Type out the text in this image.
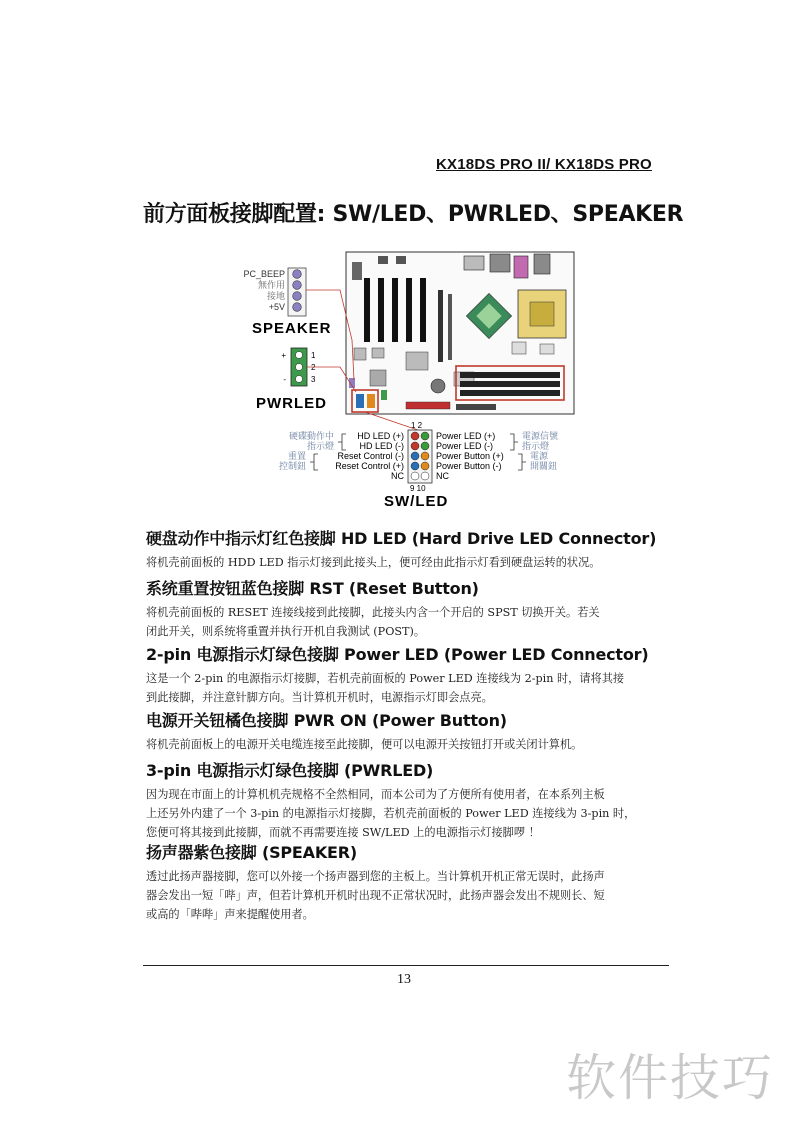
KX18DS PRO II/ KX18DS PRO
前方面板接脚配置: SW/LED、PWRLED、SPEAKER
PC_BEEP
無作用
接地
+5V
SPEAKER
+
-
1
2
3
PWRLED
1 2
9 10
HD LED (+)
HD LED (-)
Reset Control (-)
Reset Control (+)
NC
Power LED (+)
Power LED (-)
Power Button (+)
Power Button (-)
NC
硬碟動作中
指示燈
重置
控制鈕
電源信號
指示燈
電源
開關鈕
SW/LED
硬盘动作中指示灯红色接脚 HD LED (Hard Drive LED Connector)
将机壳前面板的 HDD LED 指示灯接到此接头上，便可经由此指示灯看到硬盘运转的状况。
系统重置按钮蓝色接脚 RST (Reset Button)
将机壳前面板的 RESET 连接线接到此接脚，此接头内含一个开启的 SPST 切换开关。若关
闭此开关，则系统将重置并执行开机自我测试 (POST)。
2-pin 电源指示灯绿色接脚 Power LED (Power LED Connector)
这是一个 2-pin 的电源指示灯接脚，若机壳前面板的 Power LED 连接线为 2-pin 时，请将其接
到此接脚，并注意针脚方向。当计算机开机时，电源指示灯即会点亮。
电源开关钮橘色接脚 PWR ON (Power Button)
将机壳前面板上的电源开关电缆连接至此接脚，便可以电源开关按钮打开或关闭计算机。
3-pin 电源指示灯绿色接脚 (PWRLED)
因为现在市面上的计算机机壳规格不全然相同，而本公司为了方便所有使用者，在本系列主板
上还另外内建了一个 3-pin 的电源指示灯接脚，若机壳前面板的 Power LED 连接线为 3-pin 时，
您便可将其接到此接脚，而就不再需要连接 SW/LED 上的电源指示灯接脚啰 ！
扬声器紫色接脚 (SPEAKER)
透过此扬声器接脚，您可以外接一个扬声器到您的主板上。当计算机开机正常无误时，此扬声
器会发出一短「哔」声，但若计算机开机时出现不正常状况时，此扬声器会发出不规则长、短
或高的「哔哔」声来提醒使用者。
13
软件技巧
